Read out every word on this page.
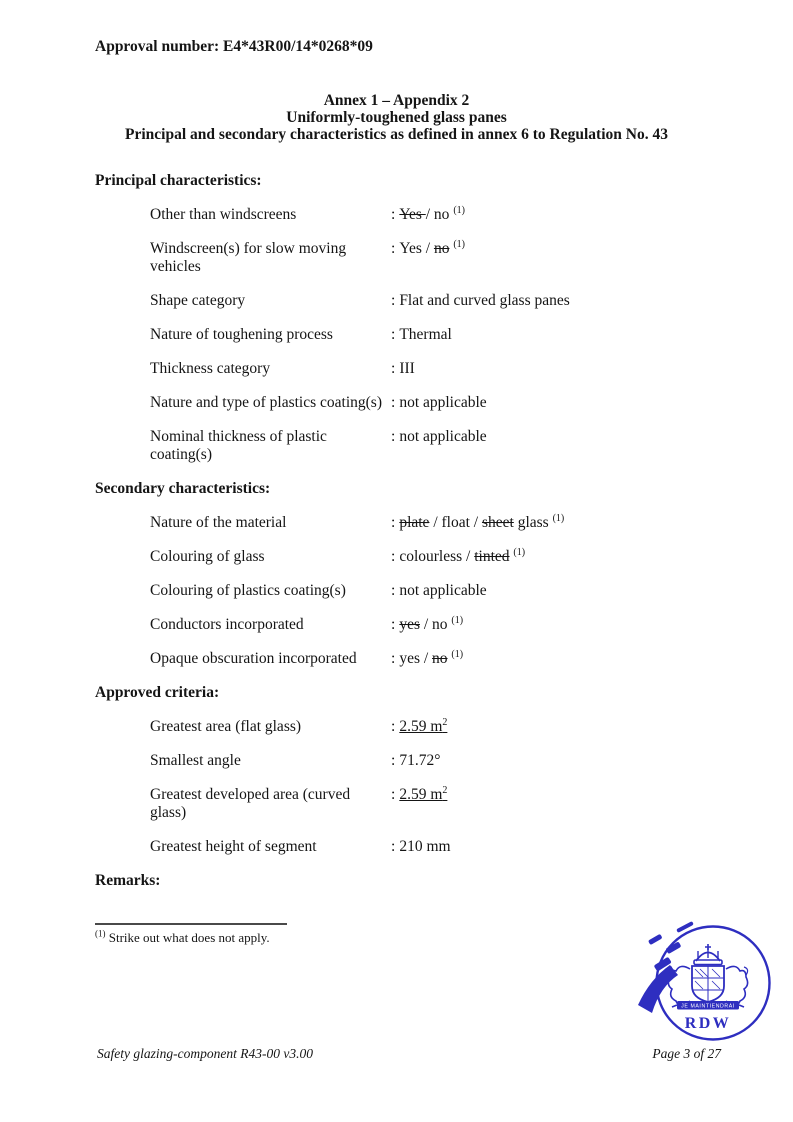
Approval number: E4*43R00/14*0268*09
Annex 1 – Appendix 2
Uniformly-toughened glass panes
Principal and secondary characteristics as defined in annex 6 to Regulation No. 43
Principal characteristics:
Other than windscreens	: Yes / no $^{(1)}$
Windscreen(s) for slow moving vehicles
: Yes / no $^{(1)}$
Shape category	: Flat and curved glass panes
Nature of toughening process	: Thermal
Thickness category	: III
Nature and type of plastics coating(s) : not applicable
Nominal thickness of plastic coating(s)
: not applicable
Secondary characteristics:
Nature of the material	: plate / float / sheet glass $^{(1)}$
Colouring of glass	: colourless / tinted $^{(1)}$
Colouring of plastics coating(s)	: not applicable
Conductors incorporated	: yes / no $^{(1)}$
Opaque obscuration incorporated	: yes / no $^{(1)}$
Approved criteria:
Greatest area (flat glass)	: 2.59 $m^2$
Smallest angle	: 71.72°
Greatest developed area (curved glass)
: 2.59 $m^2$
Greatest height of segment	: 210 mm
Remarks:
$^{(1)}$ Strike out what does not apply.
JE MAINTIENDRAI
RDW
Safety glazing-component R43-00 v3.00	Page 3 of 27
